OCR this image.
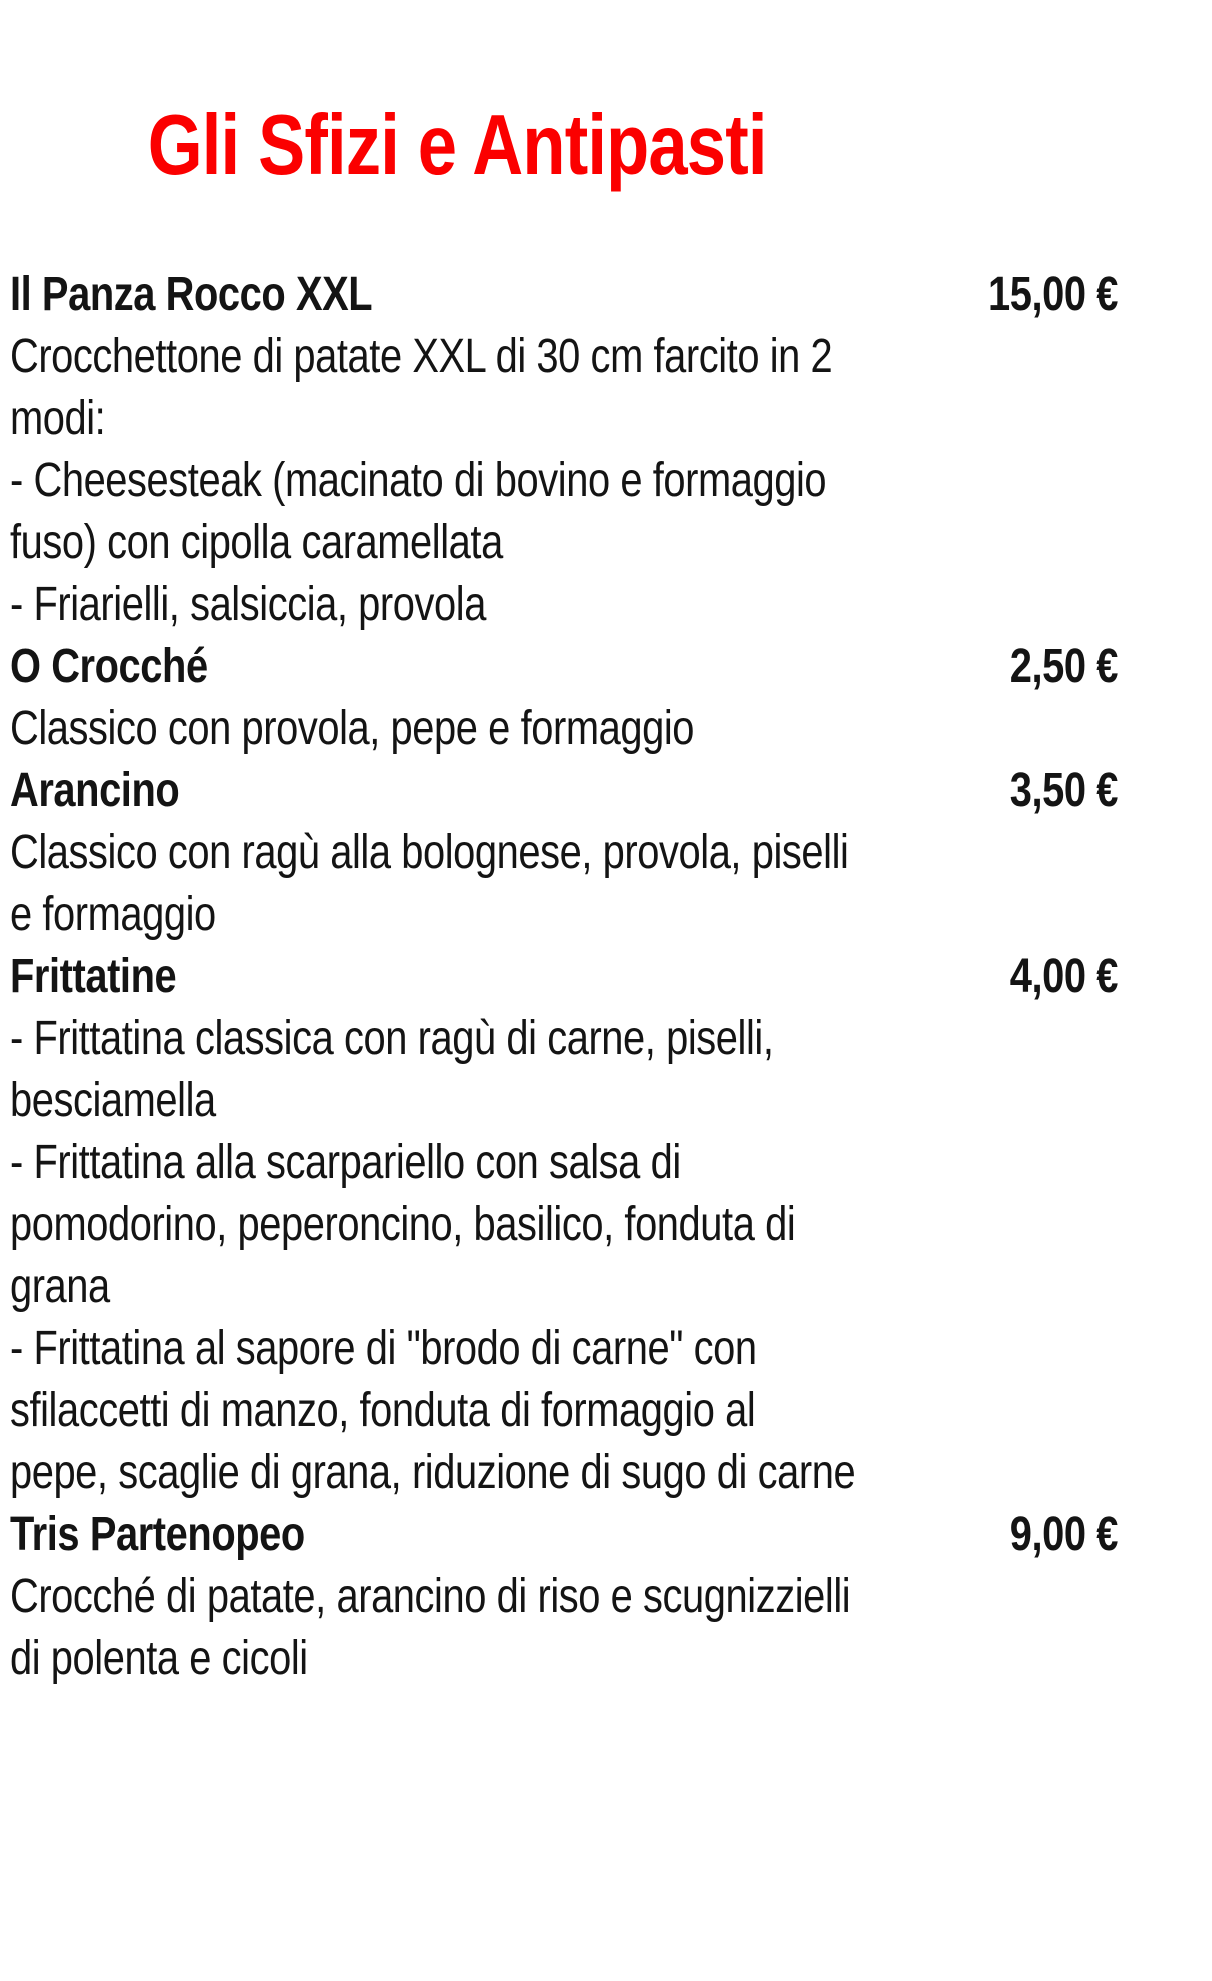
Gli Sfizi e Antipasti
Il Panza Rocco XXL	15,00 €
Crocchettone di patate XXL di 30 cm farcito in 2
modi:
- Cheesesteak (macinato di bovino e formaggio
fuso) con cipolla caramellata
- Friarielli, salsiccia, provola
O Crocché	2,50 €
Classico con provola, pepe e formaggio
Arancino	3,50 €
Classico con ragù alla bolognese, provola, piselli
e formaggio
Frittatine	4,00 €
- Frittatina classica con ragù di carne, piselli,
besciamella
- Frittatina alla scarpariello con salsa di
pomodorino, peperoncino, basilico, fonduta di
grana
- Frittatina al sapore di "brodo di carne" con
sfilaccetti di manzo, fonduta di formaggio al
pepe, scaglie di grana, riduzione di sugo di carne
Tris Partenopeo	9,00 €
Crocché di patate, arancino di riso e scugnizzielli
di polenta e cicoli
